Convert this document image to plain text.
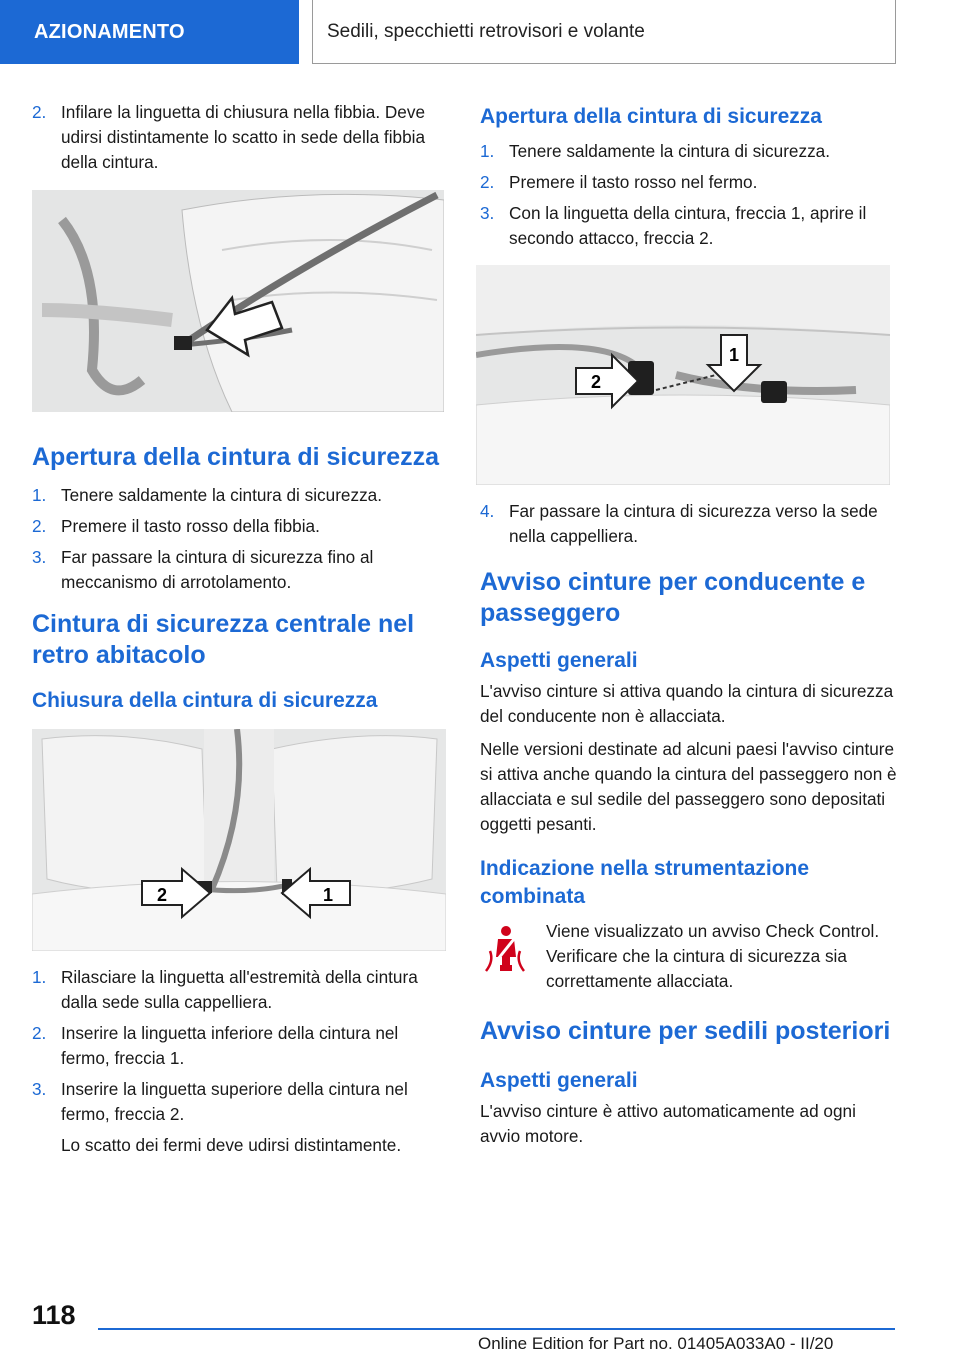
AZIONAMENTO	Sedili, specchietti retrovisori e volante
2. Infilare la linguetta di chiusura nella fibbia. Deve udirsi distintamente lo scatto in sede della fibbia della cintura.

Apertura della cintura di sicurezza
1. Tenere saldamente la cintura di sicurezza.

2. Premere il tasto rosso della fibbia.

3. Far passare la cintura di sicurezza fino al meccanismo di arrotolamento.

Cintura di sicurezza centrale nel retro abitacolo
Chiusura della cintura di sicurezza
2	1
1. Rilasciare la linguetta all'estremità della cintura dalla sede sulla cappelliera.

2. Inserire la linguetta inferiore della cintura nel fermo, freccia 1.

3. Inserire la linguetta superiore della cintura nel fermo, freccia 2.

Lo scatto dei fermi deve udirsi distintamente.

Apertura della cintura di sicurezza
1. Tenere saldamente la cintura di sicurezza.

2. Premere il tasto rosso nel fermo.

3. Con la linguetta della cintura, freccia 1, aprire il secondo attacco, freccia 2.

2
1
4. Far passare la cintura di sicurezza verso la sede nella cappelliera.

Avviso cinture per conducente e passeggero
Aspetti generali

L'avviso cinture si attiva quando la cintura di sicurezza del conducente non è allacciata.

Nelle versioni destinate ad alcuni paesi l'avviso cinture si attiva anche quando la cintura del passeggero non è allacciata e sul sedile del passeggero sono depositati oggetti pesanti.

Indicazione nella strumentazione combinata

Viene visualizzato un avviso Check Control. Verificare che la cintura di sicurezza sia correttamente allacciata.

Avviso cinture per sedili posteriori
Aspetti generali

L'avviso cinture è attivo automaticamente ad ogni avvio motore.

118
Online Edition for Part no. 01405A033A0 - II/20
